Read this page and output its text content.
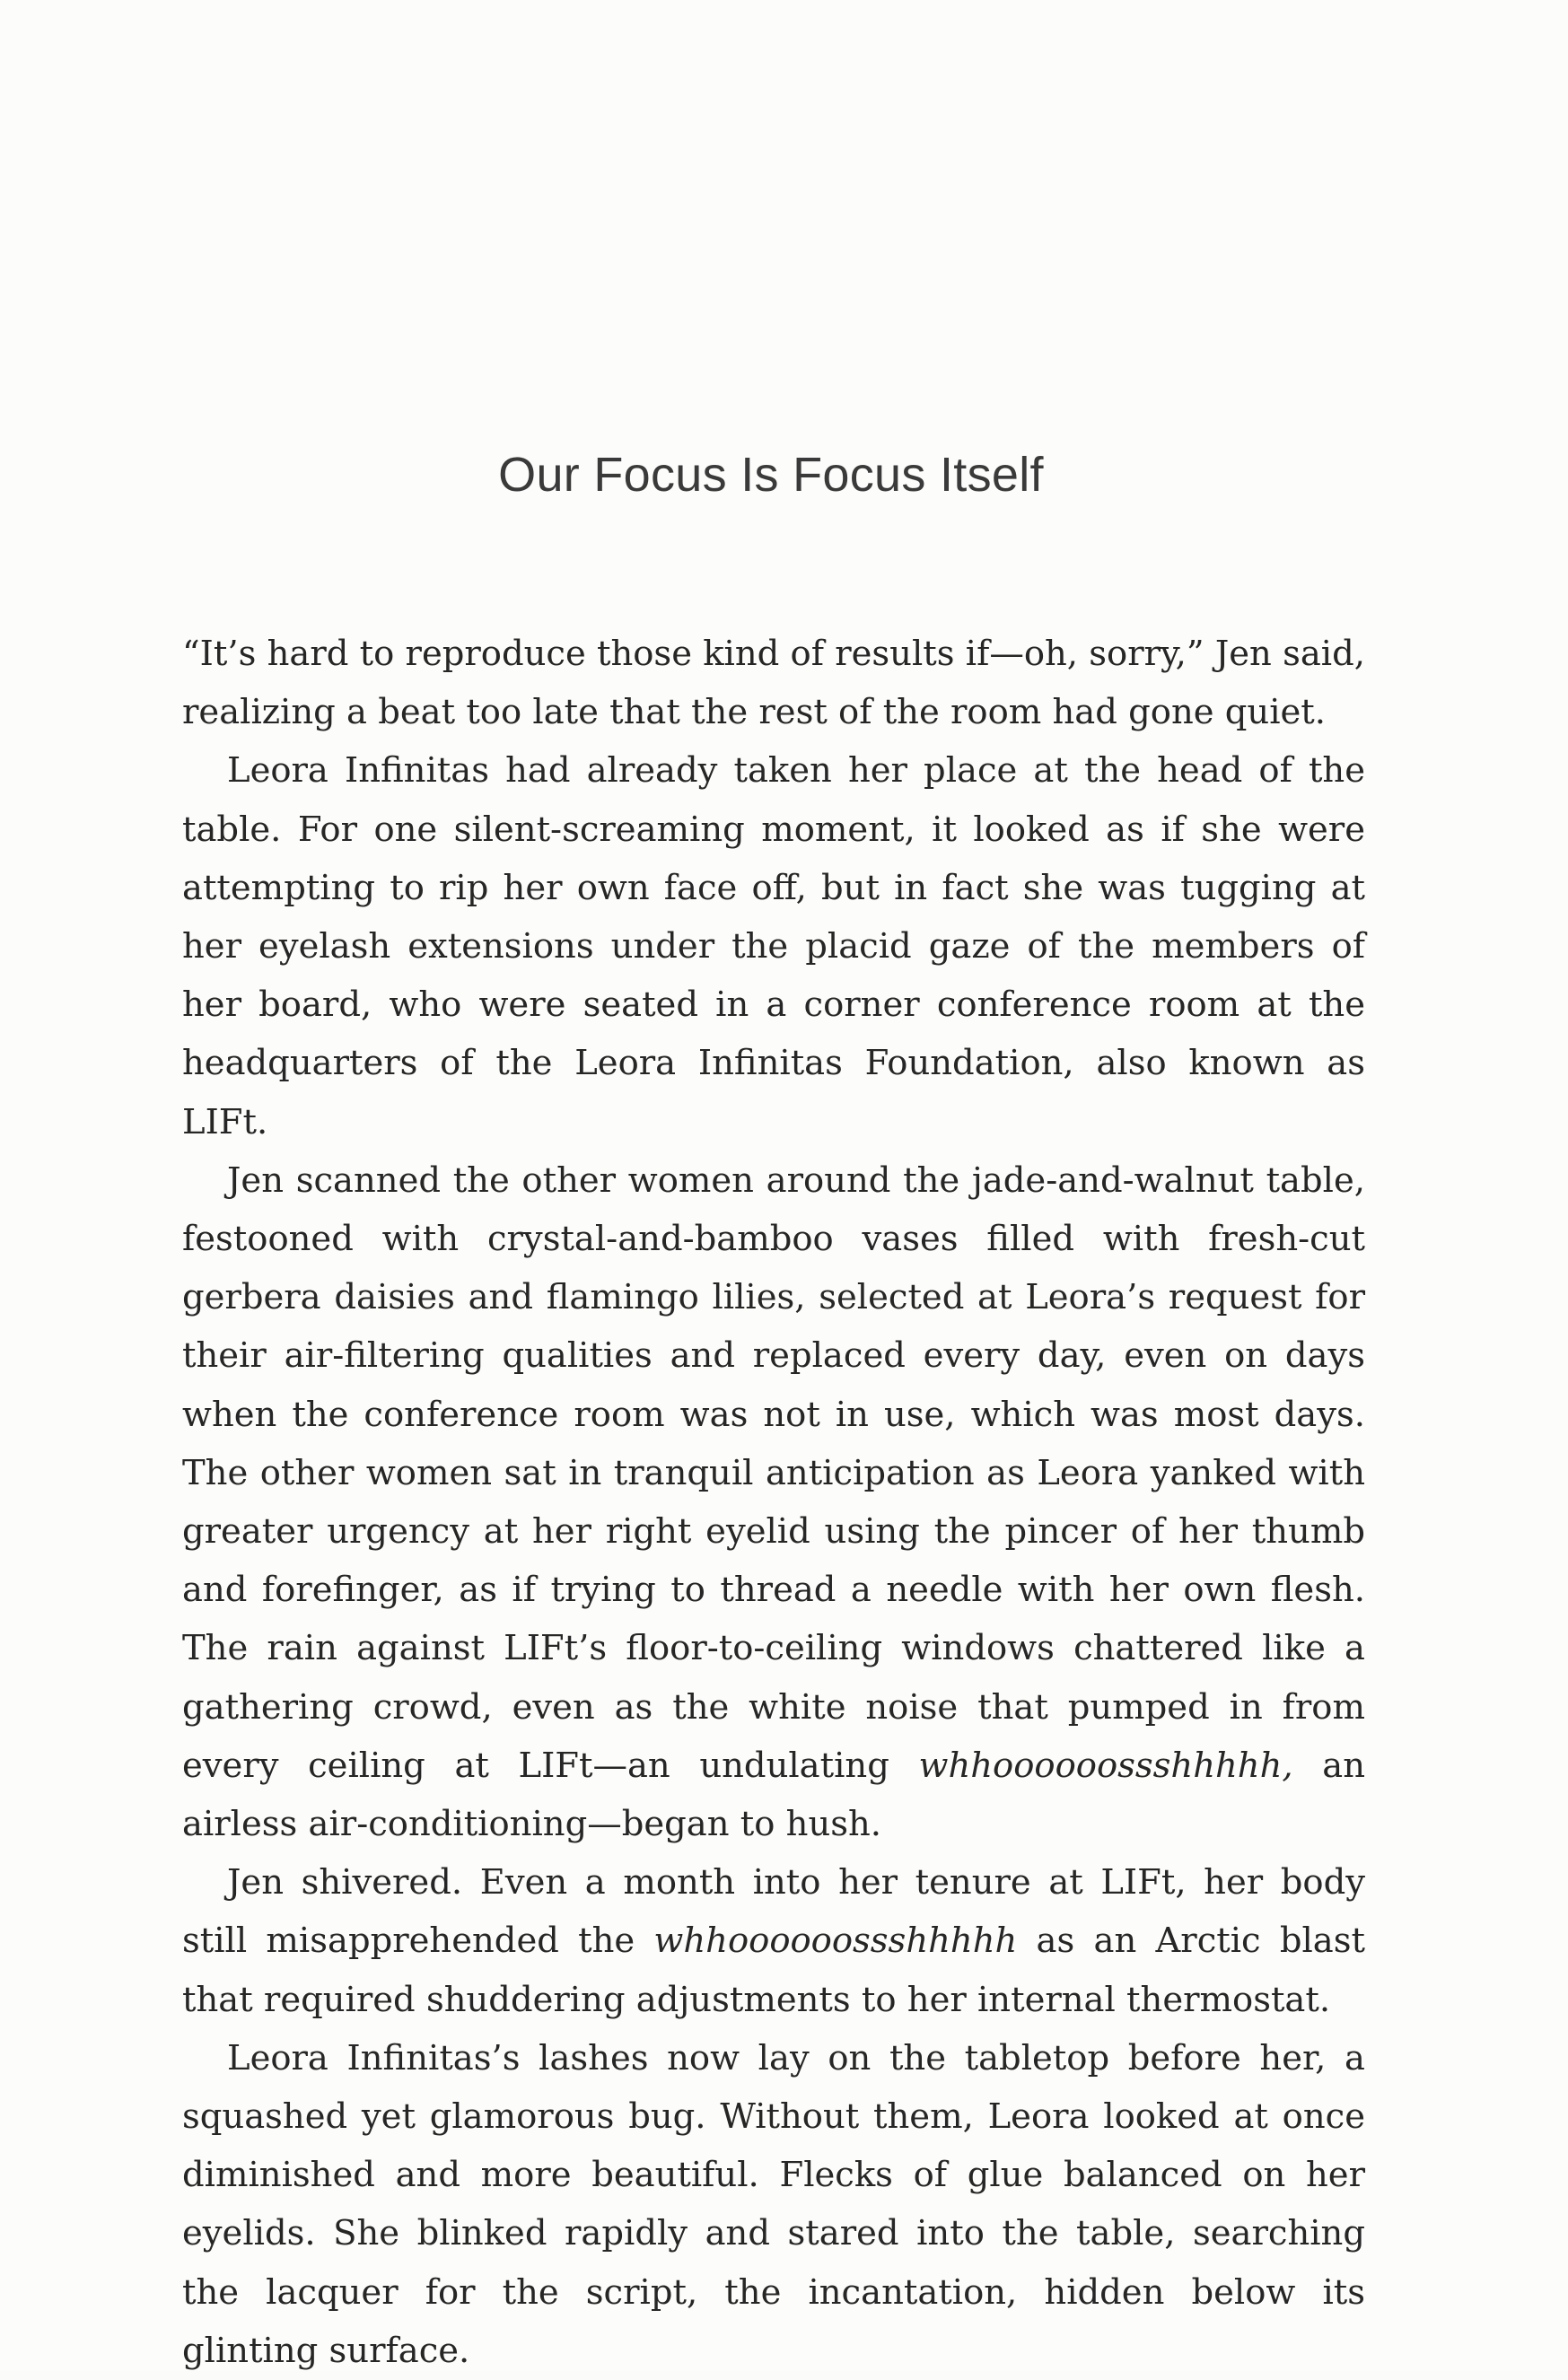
Our Focus Is Focus Itself

“It’s hard to reproduce those kind of results if—oh, sorry,” Jen said, realizing a beat too late that the rest of the room had gone quiet.

Leora Infinitas had already taken her place at the head of the table. For one silent-screaming moment, it looked as if she were attempting to rip her own face off, but in fact she was tugging at her eyelash extensions under the placid gaze of the members of her board, who were seated in a corner conference room at the headquarters of the Leora Infinitas Foundation, also known as LIFt.

Jen scanned the other women around the jade-and-walnut table, festooned with crystal-and-bamboo vases filled with fresh-cut gerbera daisies and flamingo lilies, selected at Leora’s request for their air-filtering qualities and replaced every day, even on days when the conference room was not in use, which was most days. The other women sat in tranquil anticipation as Leora yanked with greater urgency at her right eyelid using the pincer of her thumb and forefinger, as if trying to thread a needle with her own flesh. The rain against LIFt’s floor-to-ceiling windows chattered like a gathering crowd, even as the white noise that pumped in from every ceiling at LIFt—an undulating whhoooooossshhhhh, an airless air-conditioning—began to hush.

Jen shivered. Even a month into her tenure at LIFt, her body still misapprehended the whhoooooossshhhhh as an Arctic blast that required shuddering adjustments to her internal thermostat.

Leora Infinitas’s lashes now lay on the tabletop before her, a squashed yet glamorous bug. Without them, Leora looked at once diminished and more beautiful. Flecks of glue balanced on her eyelids. She blinked rapidly and stared into the table, searching the lacquer for the script, the incantation, hidden below its glinting surface.
